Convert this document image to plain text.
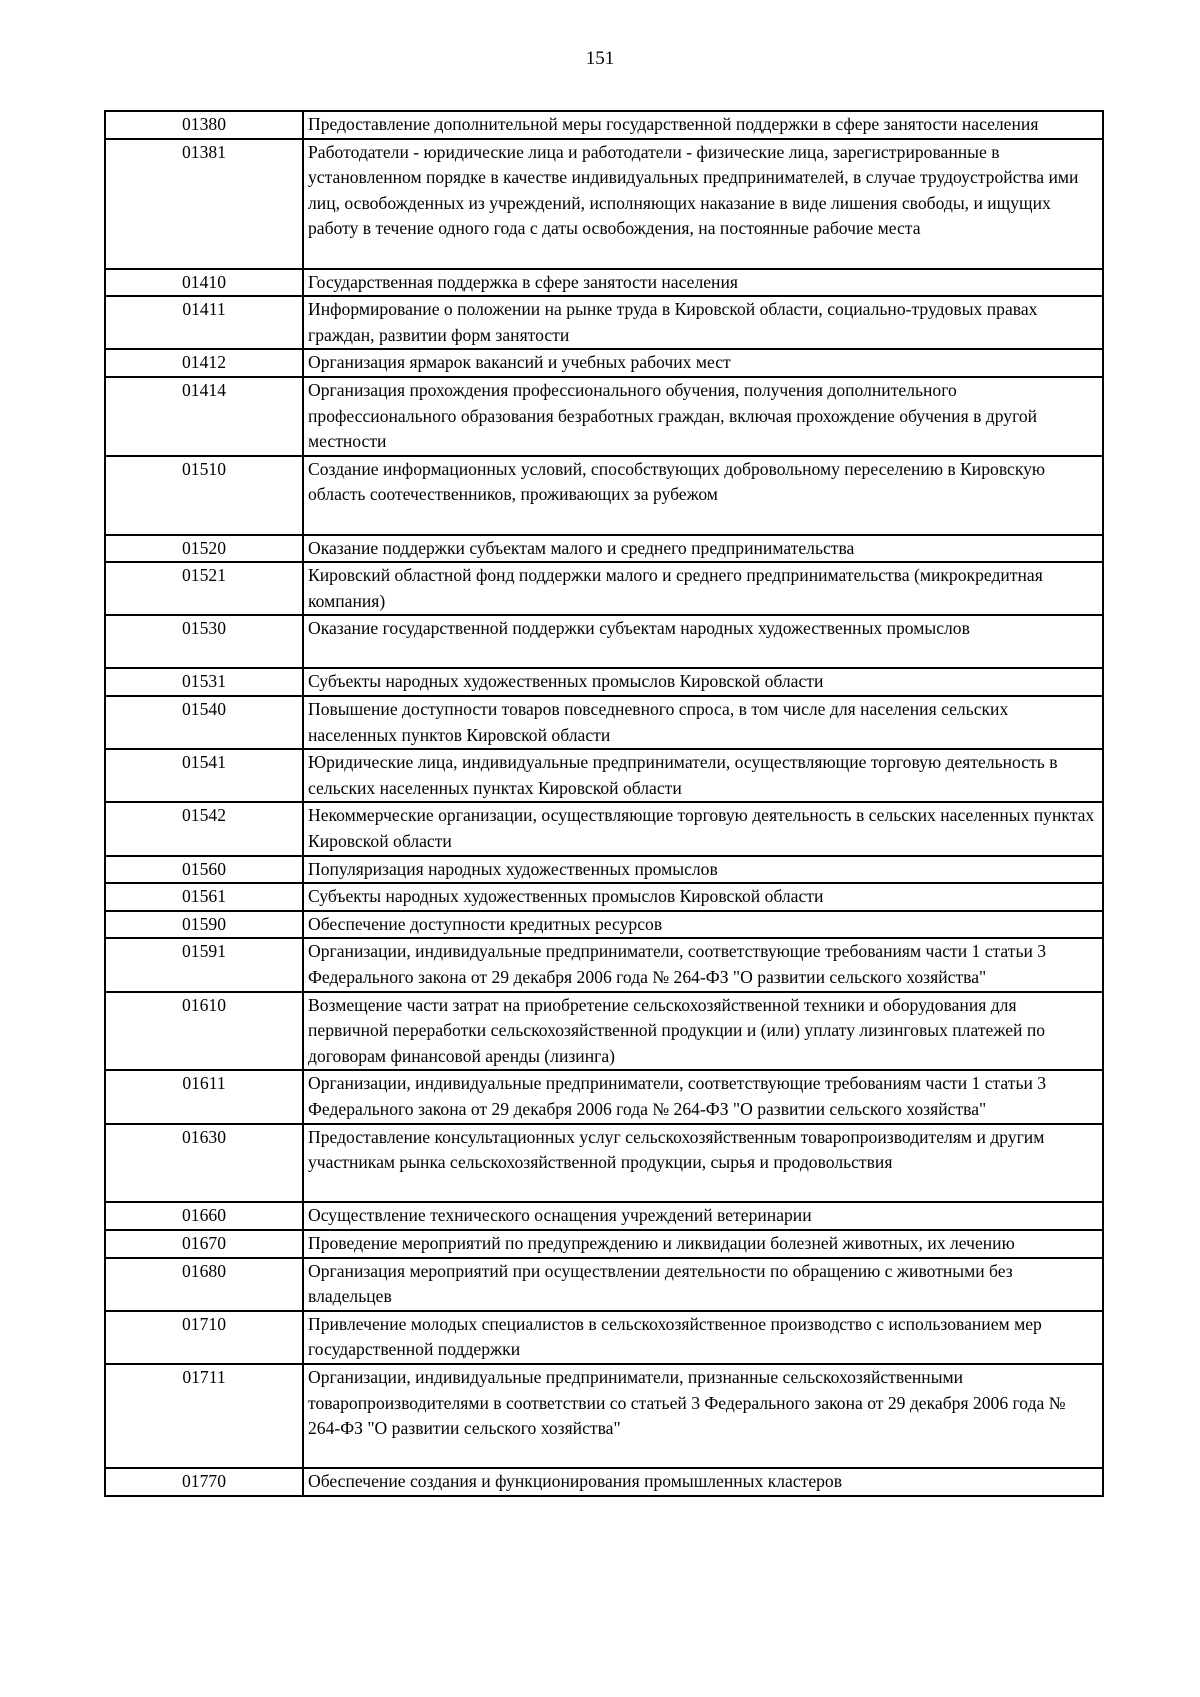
151
01380	Предоставление дополнительной меры государственной поддержки в сфере занятости населения
01381	Работодатели - юридические лица и работодатели - физические лица, зарегистрированные в установленном порядке в качестве индивидуальных предпринимателей, в случае трудоустройства ими лиц, освобожденных из учреждений, исполняющих наказание в виде лишения свободы, и ищущих работу в течение одного года с даты освобождения, на постоянные рабочие места
01410	Государственная поддержка в сфере занятости населения
01411	Информирование о положении на рынке труда в Кировской области, социально-трудовых правах граждан, развитии форм занятости
01412	Организация ярмарок вакансий и учебных рабочих мест
01414	Организация прохождения профессионального обучения, получения дополнительного профессионального образования безработных граждан, включая прохождение обучения в другой местности
01510	Создание информационных условий, способствующих добровольному переселению в Кировскую область соотечественников, проживающих за рубежом
01520	Оказание поддержки субъектам малого и среднего предпринимательства
01521	Кировский областной фонд поддержки малого и среднего предпринимательства (микрокредитная компания)
01530	Оказание государственной поддержки субъектам народных художественных промыслов
01531	Субъекты народных художественных промыслов Кировской области
01540	Повышение доступности товаров повседневного спроса, в том числе для населения сельских населенных пунктов Кировской области
01541	Юридические лица, индивидуальные предприниматели, осуществляющие торговую деятельность в сельских населенных пунктах Кировской области
01542	Некоммерческие организации, осуществляющие торговую деятельность в сельских населенных пунктах Кировской области
01560	Популяризация народных художественных промыслов
01561	Субъекты народных художественных промыслов Кировской области
01590	Обеспечение доступности кредитных ресурсов
01591	Организации, индивидуальные предприниматели, соответствующие требованиям части 1 статьи 3 Федерального закона от 29 декабря 2006 года № 264-ФЗ "О развитии сельского хозяйства"
01610	Возмещение части затрат на приобретение сельскохозяйственной техники и оборудования для первичной переработки сельскохозяйственной продукции и (или) уплату лизинговых платежей по договорам финансовой аренды (лизинга)
01611	Организации, индивидуальные предприниматели, соответствующие требованиям части 1 статьи 3 Федерального закона от 29 декабря 2006 года № 264-ФЗ "О развитии сельского хозяйства"
01630	Предоставление консультационных услуг сельскохозяйственным товаропроизводителям и другим участникам рынка сельскохозяйственной продукции, сырья и продовольствия
01660	Осуществление технического оснащения учреждений ветеринарии
01670	Проведение мероприятий по предупреждению и ликвидации болезней животных, их лечению
01680	Организация мероприятий при осуществлении деятельности по обращению с животными без владельцев
01710	Привлечение молодых специалистов в сельскохозяйственное производство с использованием мер государственной поддержки
01711	Организации, индивидуальные предприниматели, признанные сельскохозяйственными товаропроизводителями в соответствии со статьей 3 Федерального закона от 29 декабря 2006 года № 264-ФЗ "О развитии сельского хозяйства"
01770	Обеспечение создания и функционирования промышленных кластеров
